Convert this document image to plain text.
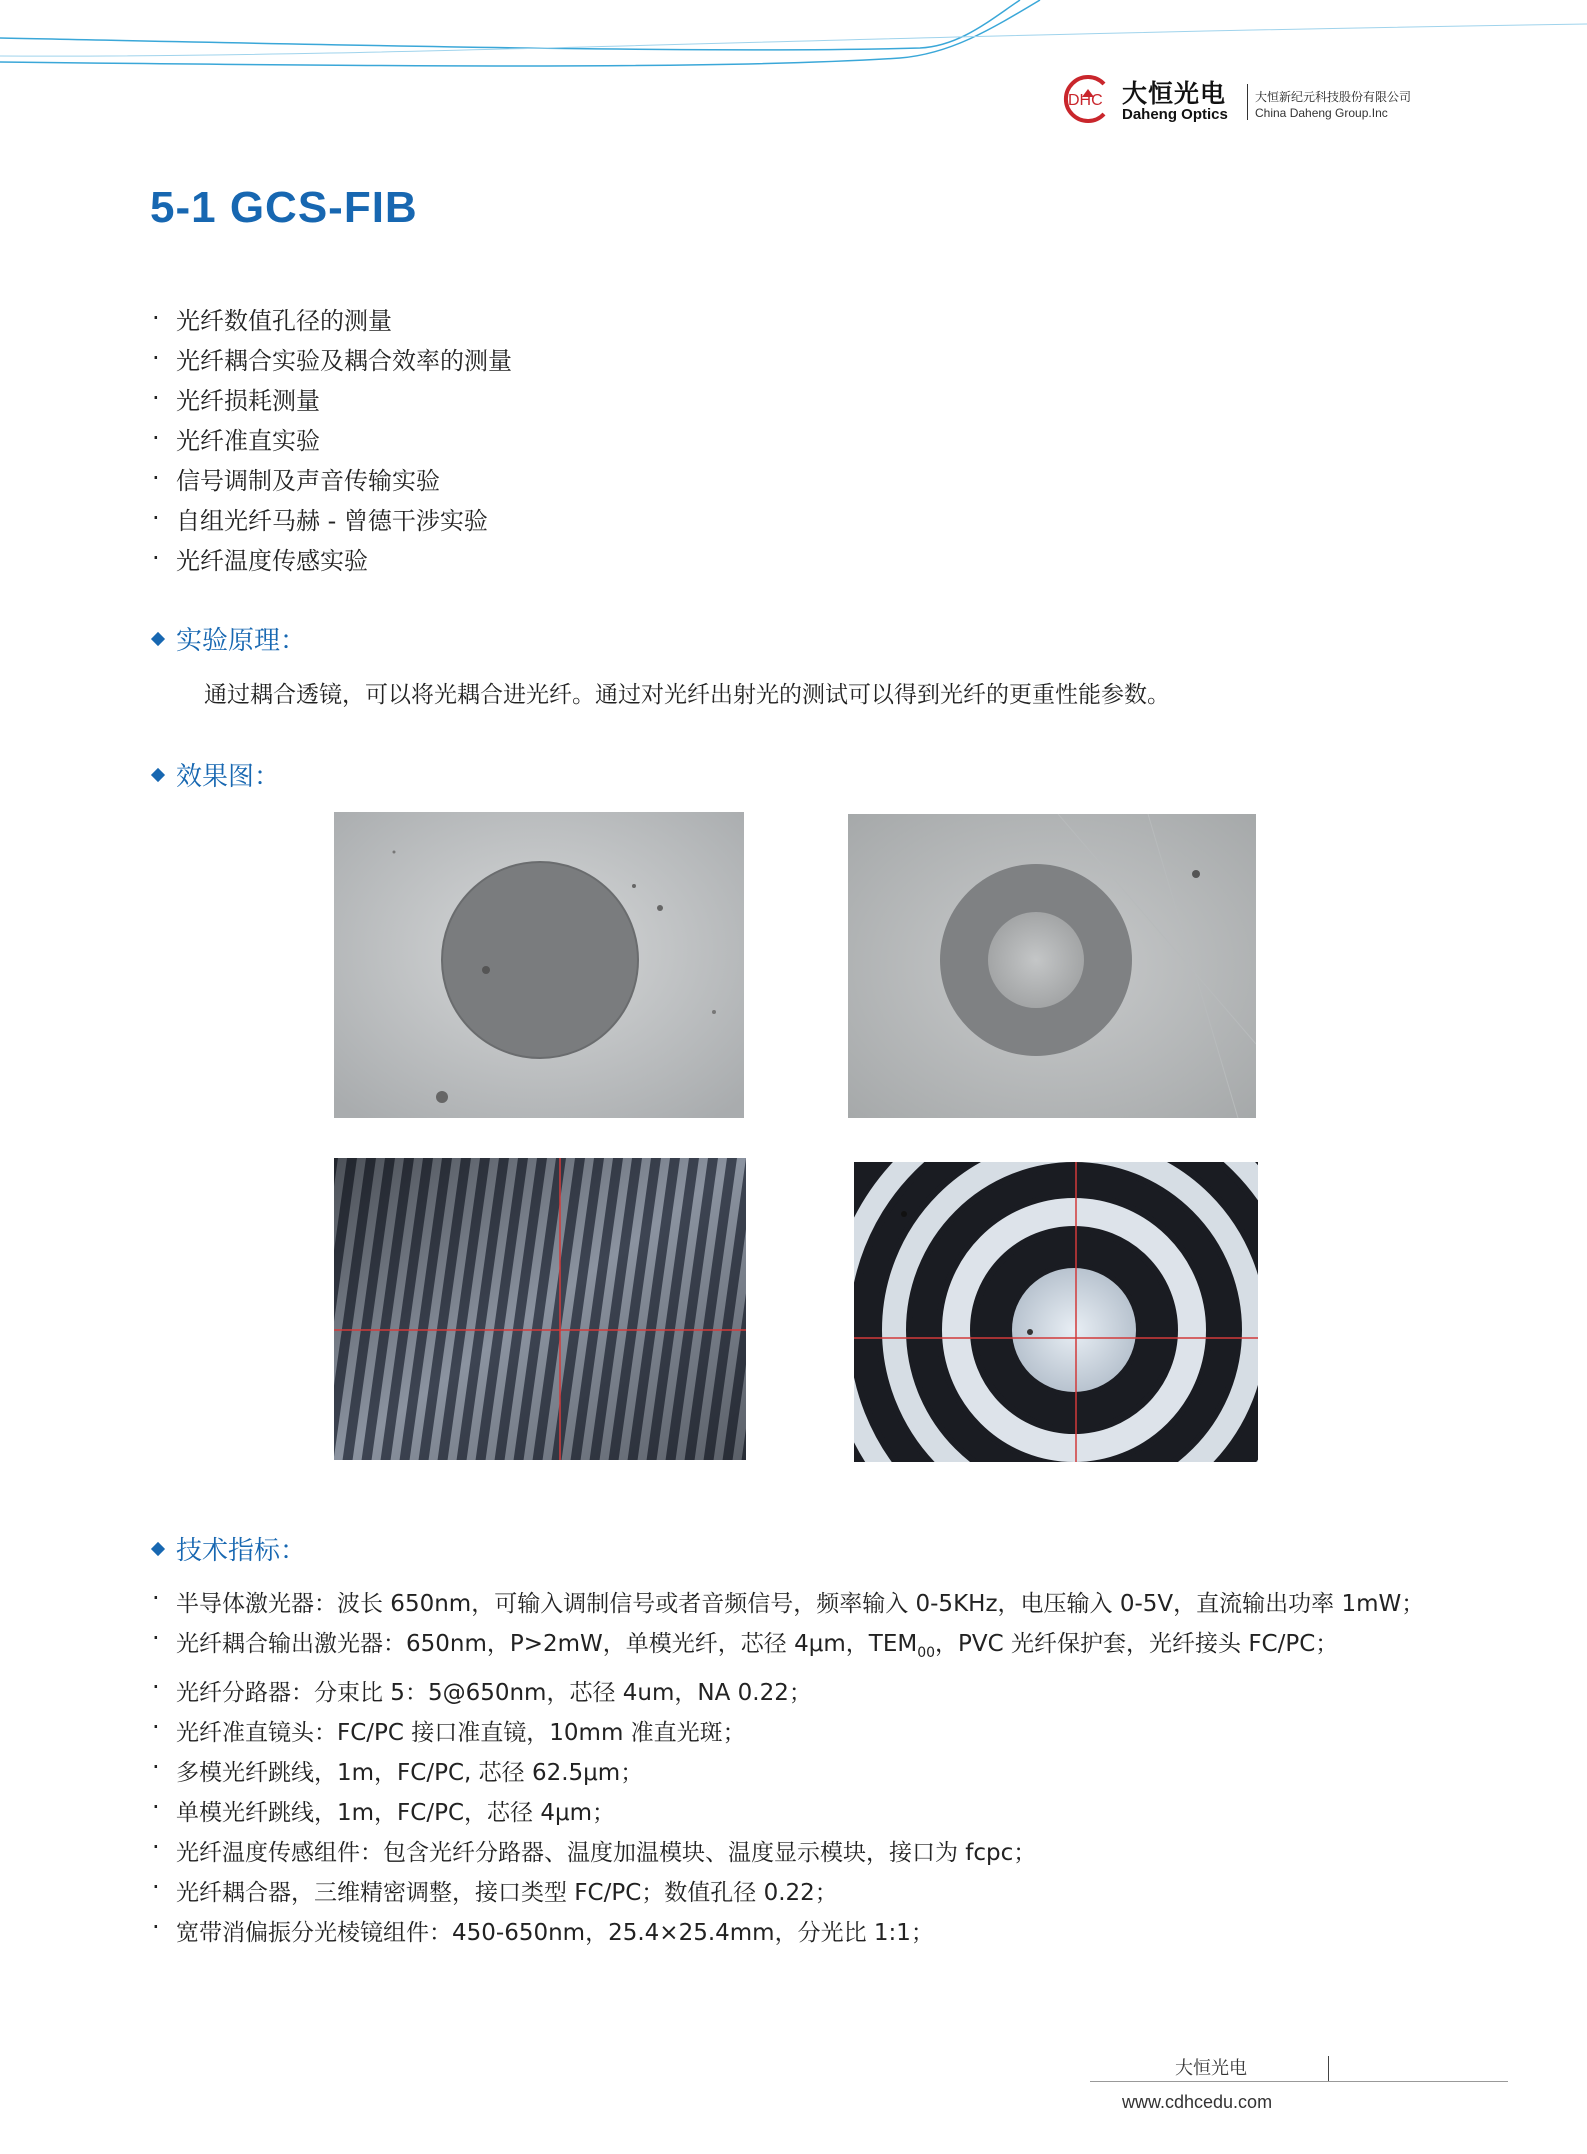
DHC 大恒光电
Daheng Optics
大恒新纪元科技股份有限公司
China Daheng Group.Inc
5-1 GCS-FIB
· 光纤数值孔径的测量
· 光纤耦合实验及耦合效率的测量
· 光纤损耗测量
· 光纤准直实验
· 信号调制及声音传输实验
· 自组光纤马赫 - 曾德干涉实验
· 光纤温度传感实验
实验原理：
通过耦合透镜，可以将光耦合进光纤。通过对光纤出射光的测试可以得到光纤的更重性能参数。
效果图：
技术指标：
· 半导体激光器：波长 650nm，可输入调制信号或者音频信号，频率输入 0-5KHz，电压输入 0-5V，直流输出功率 1mW；
· 光纤耦合输出激光器：650nm，P>2mW，单模光纤，芯径 4μm，$TEM_{00}$，PVC 光纤保护套，光纤接头 FC/PC；
· 光纤分路器：分束比 5：5@650nm，芯径 4um，NA 0.22；
· 光纤准直镜头：FC/PC 接口准直镜，10mm 准直光斑；
· 多模光纤跳线，1m，FC/PC, 芯径 62.5μm；
· 单模光纤跳线，1m，FC/PC，芯径 4μm；
· 光纤温度传感组件：包含光纤分路器、温度加温模块、温度显示模块，接口为 fcpc；
· 光纤耦合器，三维精密调整，接口类型 FC/PC；数值孔径 0.22；
· 宽带消偏振分光棱镜组件：450-650nm，25.4×25.4mm，分光比 1:1；
大恒光电
www.cdhcedu.com
